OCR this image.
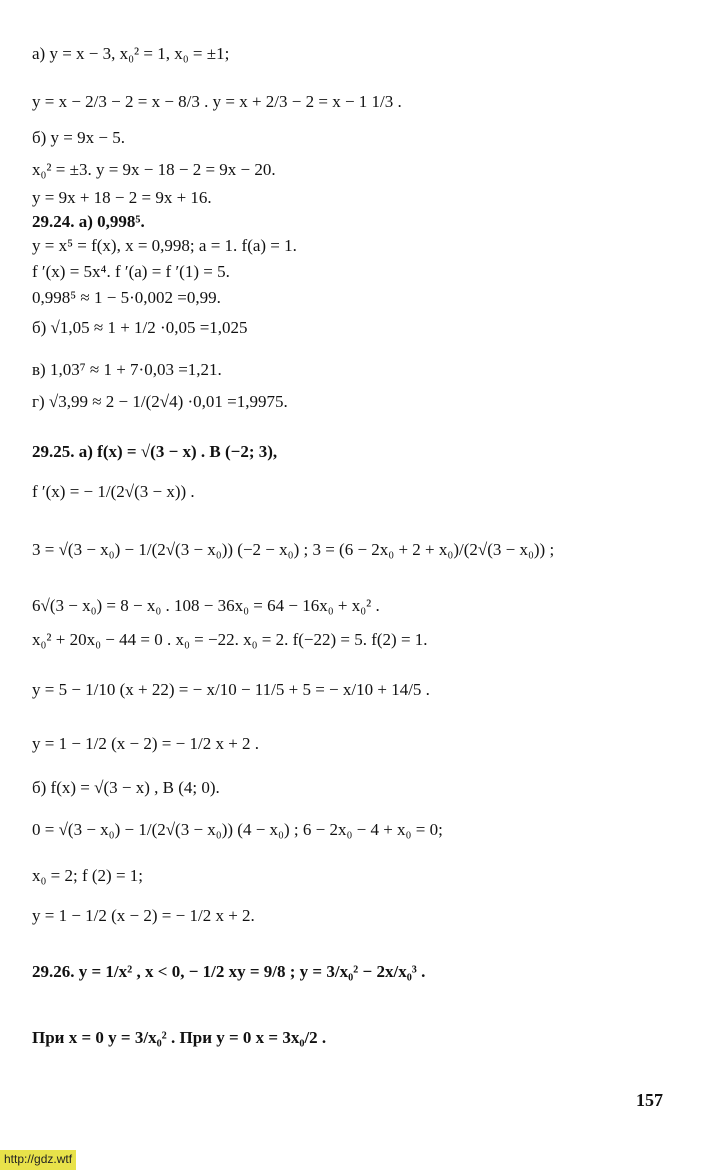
а) y = x − 3, x₀² = 1, x₀ = ±1;
y = x − 2/3 − 2 = x − 8/3 . y = x + 2/3 − 2 = x − 1 1/3 .
б) y = 9x − 5.
x₀² = ±3. y = 9x − 18 − 2 = 9x − 20.
y = 9x + 18 − 2 = 9x + 16.
29.24. а) 0,998⁵.
y = x⁵ = f(x), x = 0,998; a = 1. f(a) = 1.
f ′(x) = 5x⁴. f ′(a) = f ′(1) = 5.
0,998⁵ ≈ 1 − 5·0,002 =0,99.
б) √1,05 ≈ 1 + 1/2 ·0,05 =1,025
в) 1,03⁷ ≈ 1 + 7·0,03 =1,21.
г) √3,99 ≈ 2 − 1/(2√4) ·0,01 =1,9975.
29.25. а) f(x) = √(3 − x) . В (−2; 3),
f ′(x) = − 1/(2√(3 − x)) .
3 = √(3 − x₀) − 1/(2√(3 − x₀)) (−2 − x₀) ; 3 = (6 − 2x₀ + 2 + x₀)/(2√(3 − x₀)) ;
6√(3 − x₀) = 8 − x₀ . 108 − 36x₀ = 64 − 16x₀ + x₀² .
x₀² + 20x₀ − 44 = 0 . x₀ = −22. x₀ = 2. f(−22) = 5. f(2) = 1.
y = 5 − 1/10 (x + 22) = − x/10 − 11/5 + 5 = − x/10 + 14/5 .
y = 1 − 1/2 (x − 2) = − 1/2 x + 2 .
б) f(x) = √(3 − x) , В (4; 0).
0 = √(3 − x₀) − 1/(2√(3 − x₀)) (4 − x₀) ; 6 − 2x₀ − 4 + x₀ = 0;
x₀ = 2; f (2) = 1;
y = 1 − 1/2 (x − 2) = − 1/2 x + 2.
29.26. y = 1/x² , x < 0, − 1/2 xy = 9/8 ; y = 3/x₀² − 2x/x₀³ .
При x = 0 y = 3/x₀² . При y = 0 x = 3x₀/2 .
157
http://gdz.wtf
